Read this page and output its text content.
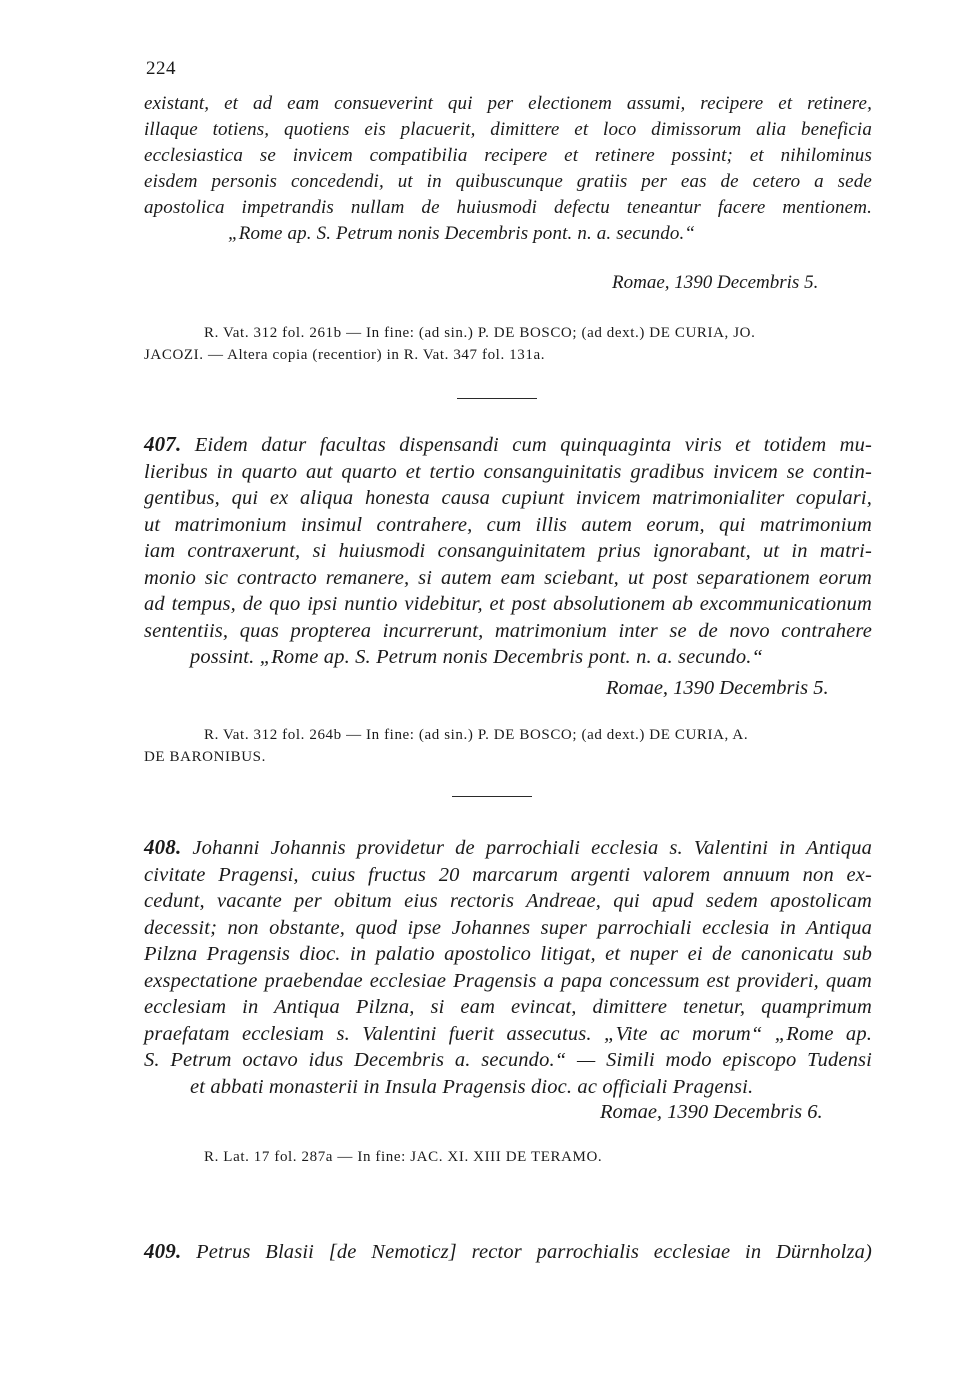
224
existant, et ad eam consueverint qui per electionem assumi, recipere et retinere,
illaque totiens, quotiens eis placuerit, dimittere et loco dimissorum alia beneficia
ecclesiastica se invicem compatibilia recipere et retinere possint; et nihilominus
eisdem personis concedendi, ut in quibuscunque gratiis per eas de cetero a sede
apostolica impetrandis nullam de huiusmodi defectu teneantur facere mentionem.
„Rome ap. S. Petrum nonis Decembris pont. n. a. secundo.“
Romae, 1390 Decembris 5.
R. Vat. 312 fol. 261b — In fine: (ad sin.) P. DE BOSCO; (ad dext.) DE CURIA, JO.
JACOZI. — Altera copia (recentior) in R. Vat. 347 fol. 131a.
407. Eidem datur facultas dispensandi cum quinquaginta viris et totidem mu-
lieribus in quarto aut quarto et tertio consanguinitatis gradibus invicem se contin-
gentibus, qui ex aliqua honesta causa cupiunt invicem matrimonialiter copulari,
ut matrimonium insimul contrahere, cum illis autem eorum, qui matrimonium
iam contraxerunt, si huiusmodi consanguinitatem prius ignorabant, ut in matri-
monio sic contracto remanere, si autem eam sciebant, ut post separationem eorum
ad tempus, de quo ipsi nuntio videbitur, et post absolutionem ab excommunicationum
sententiis, quas propterea incurrerunt, matrimonium inter se de novo contrahere
possint. „Rome ap. S. Petrum nonis Decembris pont. n. a. secundo.“
Romae, 1390 Decembris 5.
R. Vat. 312 fol. 264b — In fine: (ad sin.) P. DE BOSCO; (ad dext.) DE CURIA, A.
DE BARONIBUS.
408. Johanni Johannis providetur de parrochiali ecclesia s. Valentini in Antiqua
civitate Pragensi, cuius fructus 20 marcarum argenti valorem annuum non ex-
cedunt, vacante per obitum eius rectoris Andreae, qui apud sedem apostolicam
decessit; non obstante, quod ipse Johannes super parrochiali ecclesia in Antiqua
Pilzna Pragensis dioc. in palatio apostolico litigat, et nuper ei de canonicatu sub
exspectatione praebendae ecclesiae Pragensis a papa concessum est provideri, quam
ecclesiam in Antiqua Pilzna, si eam evincat, dimittere tenetur, quamprimum
praefatam ecclesiam s. Valentini fuerit assecutus. „Vite ac morum“ „Rome ap.
S. Petrum octavo idus Decembris a. secundo.“ — Simili modo episcopo Tudensi
et abbati monasterii in Insula Pragensis dioc. ac officiali Pragensi.
Romae, 1390 Decembris 6.
R. Lat. 17 fol. 287a — In fine: JAC. XI. XIII DE TERAMO.
409. Petrus Blasii [de Nemoticz] rector parrochialis ecclesiae in Dürnholza)
